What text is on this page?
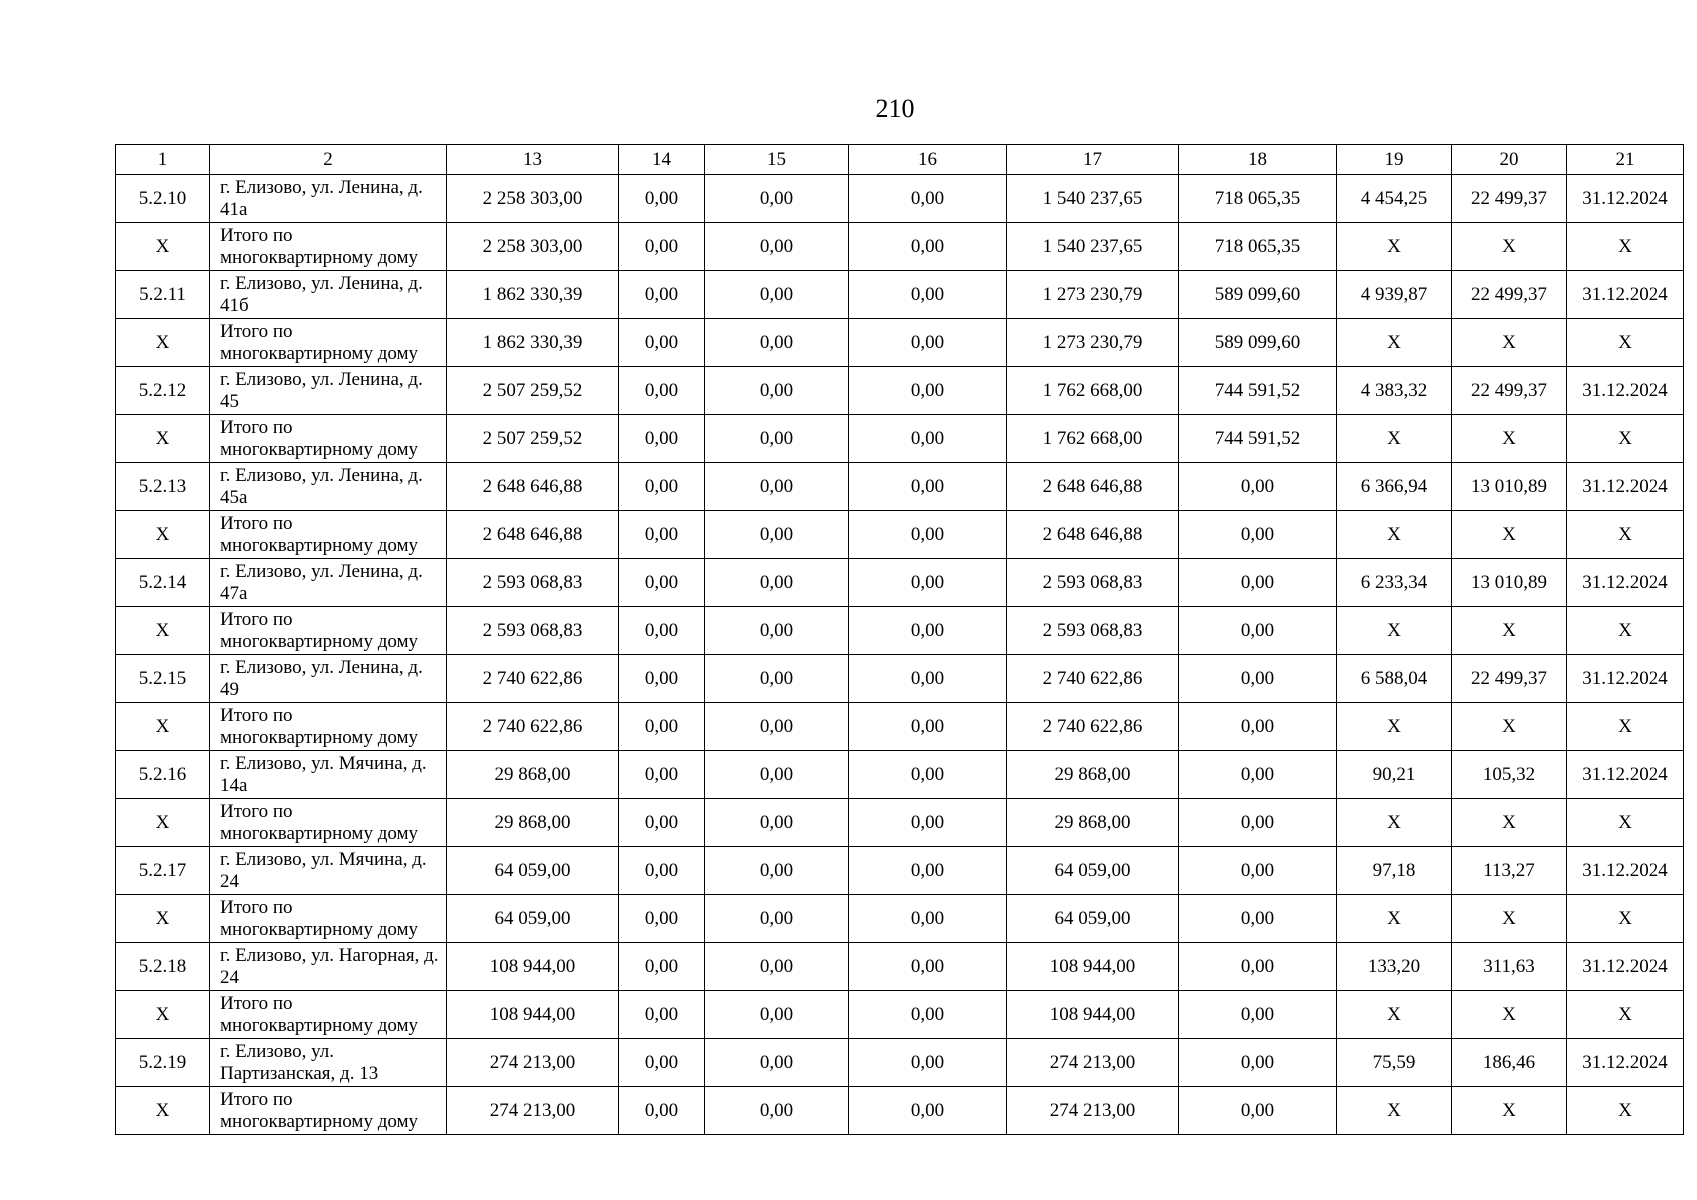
210
1	2	13	14	15	16	17	18	19	20	21
5.2.10	г. Елизово, ул. Ленина, д. 41а	2 258 303,00	0,00	0,00	0,00	1 540 237,65	718 065,35	4 454,25	22 499,37	31.12.2024
Х	Итого по многоквартирному дому	2 258 303,00	0,00	0,00	0,00	1 540 237,65	718 065,35	Х	Х	Х
5.2.11	г. Елизово, ул. Ленина, д. 41б	1 862 330,39	0,00	0,00	0,00	1 273 230,79	589 099,60	4 939,87	22 499,37	31.12.2024
Х	Итого по многоквартирному дому	1 862 330,39	0,00	0,00	0,00	1 273 230,79	589 099,60	Х	Х	Х
5.2.12	г. Елизово, ул. Ленина, д. 45	2 507 259,52	0,00	0,00	0,00	1 762 668,00	744 591,52	4 383,32	22 499,37	31.12.2024
Х	Итого по многоквартирному дому	2 507 259,52	0,00	0,00	0,00	1 762 668,00	744 591,52	Х	Х	Х
5.2.13	г. Елизово, ул. Ленина, д. 45а	2 648 646,88	0,00	0,00	0,00	2 648 646,88	0,00	6 366,94	13 010,89	31.12.2024
Х	Итого по многоквартирному дому	2 648 646,88	0,00	0,00	0,00	2 648 646,88	0,00	Х	Х	Х
5.2.14	г. Елизово, ул. Ленина, д. 47а	2 593 068,83	0,00	0,00	0,00	2 593 068,83	0,00	6 233,34	13 010,89	31.12.2024
Х	Итого по многоквартирному дому	2 593 068,83	0,00	0,00	0,00	2 593 068,83	0,00	Х	Х	Х
5.2.15	г. Елизово, ул. Ленина, д. 49	2 740 622,86	0,00	0,00	0,00	2 740 622,86	0,00	6 588,04	22 499,37	31.12.2024
Х	Итого по многоквартирному дому	2 740 622,86	0,00	0,00	0,00	2 740 622,86	0,00	Х	Х	Х
5.2.16	г. Елизово, ул. Мячина, д. 14а	29 868,00	0,00	0,00	0,00	29 868,00	0,00	90,21	105,32	31.12.2024
Х	Итого по многоквартирному дому	29 868,00	0,00	0,00	0,00	29 868,00	0,00	Х	Х	Х
5.2.17	г. Елизово, ул. Мячина, д. 24	64 059,00	0,00	0,00	0,00	64 059,00	0,00	97,18	113,27	31.12.2024
Х	Итого по многоквартирному дому	64 059,00	0,00	0,00	0,00	64 059,00	0,00	Х	Х	Х
5.2.18	г. Елизово, ул. Нагорная, д. 24	108 944,00	0,00	0,00	0,00	108 944,00	0,00	133,20	311,63	31.12.2024
Х	Итого по многоквартирному дому	108 944,00	0,00	0,00	0,00	108 944,00	0,00	Х	Х	Х
5.2.19	г. Елизово, ул. Партизанская, д. 13	274 213,00	0,00	0,00	0,00	274 213,00	0,00	75,59	186,46	31.12.2024
Х	Итого по многоквартирному дому	274 213,00	0,00	0,00	0,00	274 213,00	0,00	Х	Х	Х
